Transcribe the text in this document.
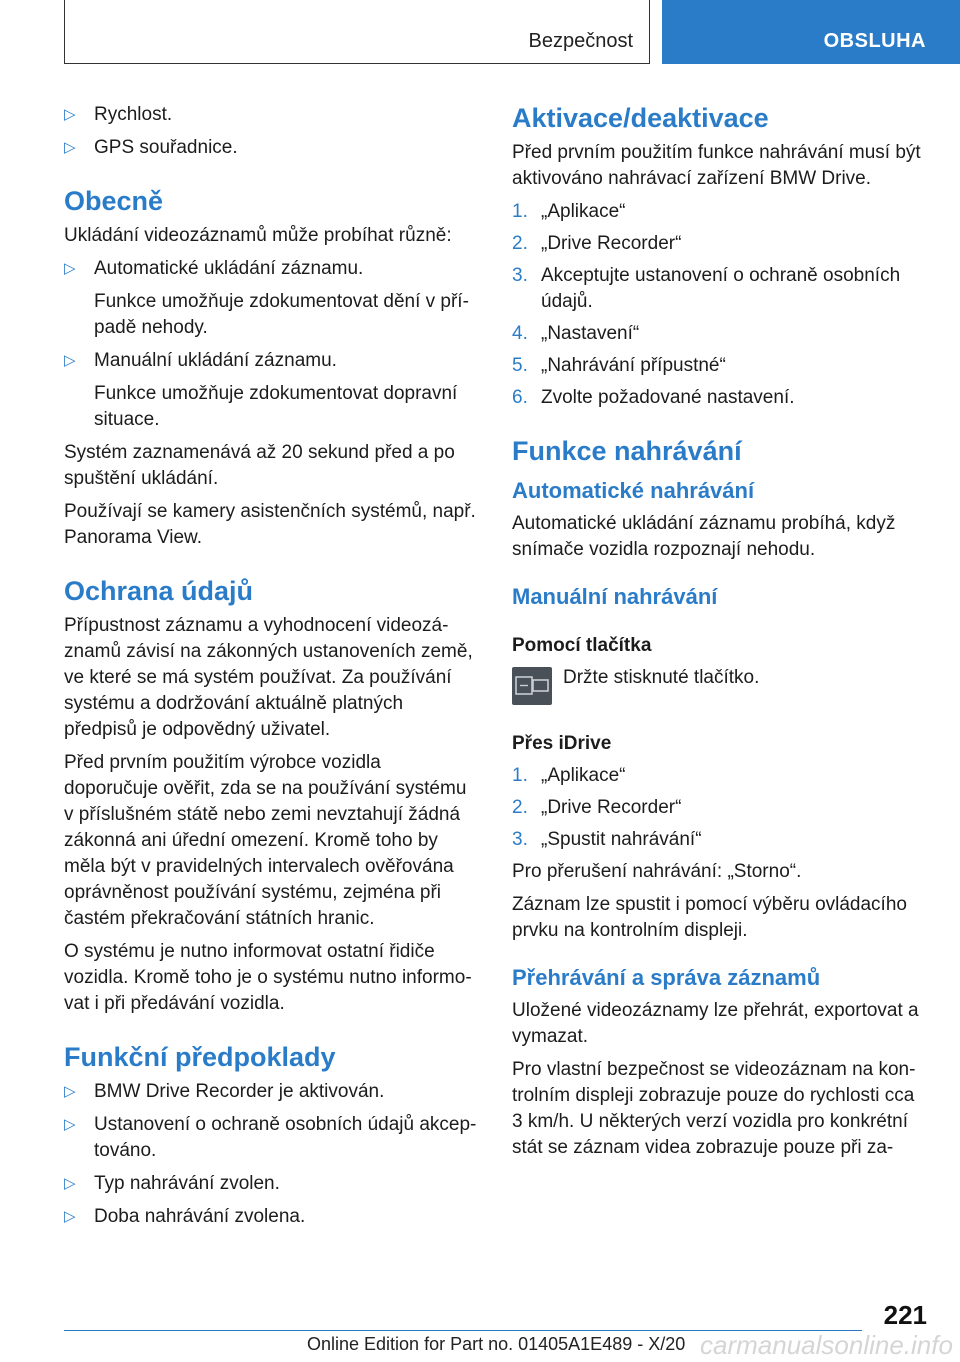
Bezpečnost	OBSLUHA
▷ Rychlost.
▷ GPS souřadnice.
Obecně
Ukládání videozáznamů může probíhat různě:
▷ Automatické ukládání záznamu.
Funkce umožňuje zdokumentovat dění v případě nehody.
▷ Manuální ukládání záznamu.
Funkce umožňuje zdokumentovat dopravní situace.
Systém zaznamenává až 20 sekund před a po spuštění ukládání.
Používají se kamery asistenčních systémů, např. Panorama View.
Ochrana údajů
Přípustnost záznamu a vyhodnocení videozáznamů závisí na zákonných ustanoveních země, ve které se má systém používat. Za používání systému a dodržování aktuálně platných předpisů je odpovědný uživatel.
Před prvním použitím výrobce vozidla doporučuje ověřit, zda se na používání systému v příslušném státě nebo zemi nevztahují žádná zákonná ani úřední omezení. Kromě toho by měla být v pravidelných intervalech ověřována oprávněnost používání systému, zejména při častém překračování státních hranic.
O systému je nutno informovat ostatní řidiče vozidla. Kromě toho je o systému nutno informovat i při předávání vozidla.
Funkční předpoklady
▷ BMW Drive Recorder je aktivován.
▷ Ustanovení o ochraně osobních údajů akceptováno.
▷ Typ nahrávání zvolen.
▷ Doba nahrávání zvolena.
Aktivace/deaktivace
Před prvním použitím funkce nahrávání musí být aktivováno nahrávací zařízení BMW Drive.
1. „Aplikace“
2. „Drive Recorder“
3. Akceptujte ustanovení o ochraně osobních údajů.
4. „Nastavení“
5. „Nahrávání přípustné“
6. Zvolte požadované nastavení.
Funkce nahrávání
Automatické nahrávání
Automatické ukládání záznamu probíhá, když snímače vozidla rozpoznají nehodu.
Manuální nahrávání
Pomocí tlačítka
Držte stisknuté tlačítko.
Přes iDrive
1. „Aplikace“
2. „Drive Recorder“
3. „Spustit nahrávání“
Pro přerušení nahrávání: „Storno“.
Záznam lze spustit i pomocí výběru ovládacího prvku na kontrolním displeji.
Přehrávání a správa záznamů
Uložené videozáznamy lze přehrát, exportovat a vymazat.
Pro vlastní bezpečnost se videozáznam na kontrolním displeji zobrazuje pouze do rychlosti cca 3 km/h. U některých verzí vozidla pro konkrétní stát se záznam videa zobrazuje pouze při za-
221
Online Edition for Part no. 01405A1E489 - X/20 carmanualsonline.info
